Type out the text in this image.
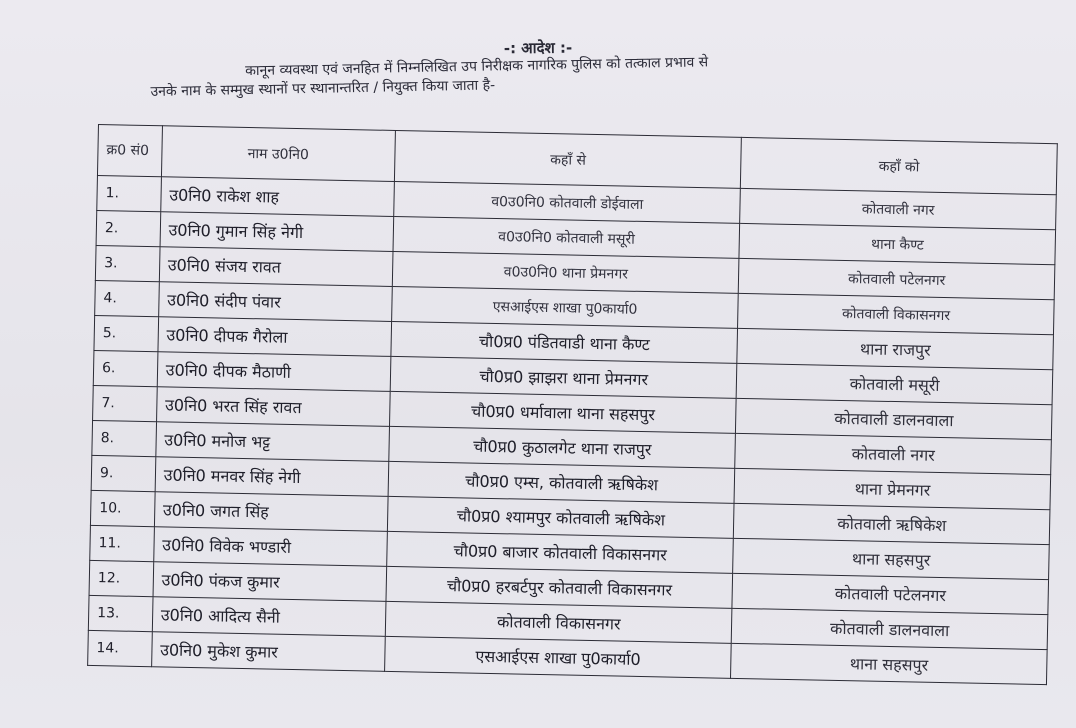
-: आदेश :-
कानून व्यवस्था एवं जनहित में निम्नलिखित उप निरीक्षक नागरिक पुलिस को तत्काल प्रभाव से
उनके नाम के सम्मुख स्थानों पर स्थानान्तरित / नियुक्त किया जाता है-
क्र0 सं0	नाम उ0नि0	कहाँ से	कहाँ को
1.	उ0नि0 राकेश शाह	व0उ0नि0 कोतवाली डोईवाला	कोतवाली नगर
2.	उ0नि0 गुमान सिंह नेगी	व0उ0नि0 कोतवाली मसूरी	थाना कैण्ट
3.	उ0नि0 संजय रावत	व0उ0नि0 थाना प्रेमनगर	कोतवाली पटेलनगर
4.	उ0नि0 संदीप पंवार	एसआईएस शाखा पु0कार्या0	कोतवाली विकासनगर
5.	उ0नि0 दीपक गैरोला	चौ0प्र0 पंडितवाडी थाना कैण्ट	थाना राजपुर
6.	उ0नि0 दीपक मैठाणी	चौ0प्र0 झाझरा थाना प्रेमनगर	कोतवाली मसूरी
7.	उ0नि0 भरत सिंह रावत	चौ0प्र0 धर्मावाला थाना सहसपुर	कोतवाली डालनवाला
8.	उ0नि0 मनोज भट्ट	चौ0प्र0 कुठालगेट थाना राजपुर	कोतवाली नगर
9.	उ0नि0 मनवर सिंह नेगी	चौ0प्र0 एम्स, कोतवाली ऋषिकेश	थाना प्रेमनगर
10.	उ0नि0 जगत सिंह	चौ0प्र0 श्यामपुर कोतवाली ऋषिकेश	कोतवाली ऋषिकेश
11.	उ0नि0 विवेक भण्डारी	चौ0प्र0 बाजार कोतवाली विकासनगर	थाना सहसपुर
12.	उ0नि0 पंकज कुमार	चौ0प्र0 हरबर्टपुर कोतवाली विकासनगर	कोतवाली पटेलनगर
13.	उ0नि0 आदित्य सैनी	कोतवाली विकासनगर	कोतवाली डालनवाला
14.	उ0नि0 मुकेश कुमार	एसआईएस शाखा पु0कार्या0	थाना सहसपुर
